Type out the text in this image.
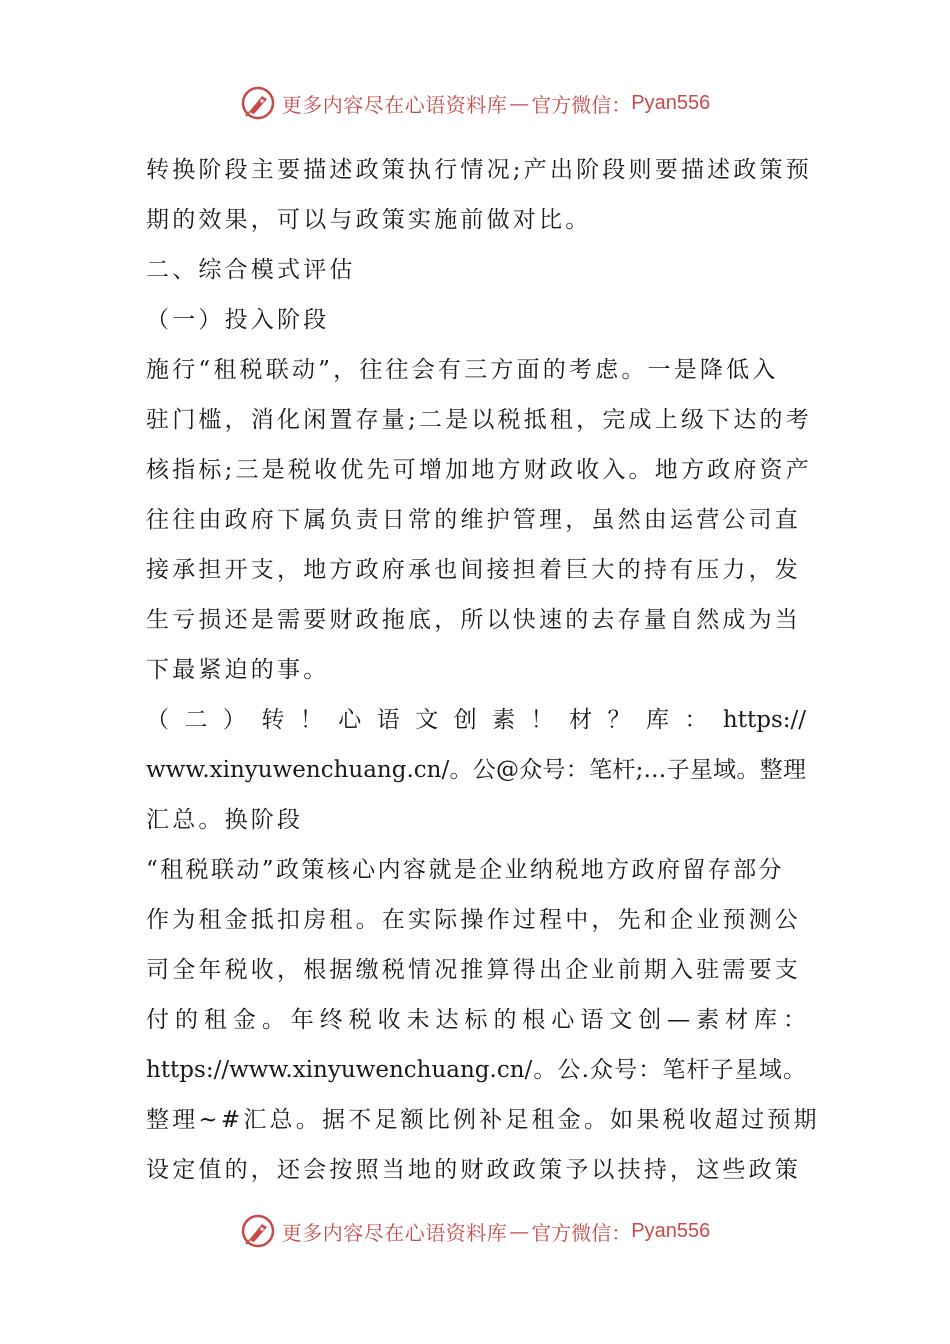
更多内容尽在心语资料库 — 官方微信： Pyan556
转换阶段主要描述政策执行情况;产出阶段则要描述政策预
期的效果，可以与政策实施前做对比。
二、综合模式评估
（一）投入阶段
施行“租税联动”，往往会有三方面的考虑。一是降低入
驻门槛，消化闲置存量;二是以税抵租，完成上级下达的考
核指标;三是税收优先可增加地方财政收入。地方政府资产
往往由政府下属负责日常的维护管理，虽然由运营公司直
接承担开支，地方政府承也间接担着巨大的持有压力，发
生亏损还是需要财政拖底，所以快速的去存量自然成为当
下最紧迫的事。
（二）转！心语文创素！材？库：https://
www.xinyuwenchuang.cn/。公@众号：笔杆;…子星域。整理
汇总。换阶段
“租税联动”政策核心内容就是企业纳税地方政府留存部分
作为租金抵扣房租。在实际操作过程中，先和企业预测公
司全年税收，根据缴税情况推算得出企业前期入驻需要支
付的租金。年终税收未达标的根心语文创—素材库：
https://www.xinyuwenchuang.cn/。公.众号：笔杆子星域。
整理~#汇总。据不足额比例补足租金。如果税收超过预期
设定值的，还会按照当地的财政政策予以扶持，这些政策
更多内容尽在心语资料库 — 官方微信： Pyan556
